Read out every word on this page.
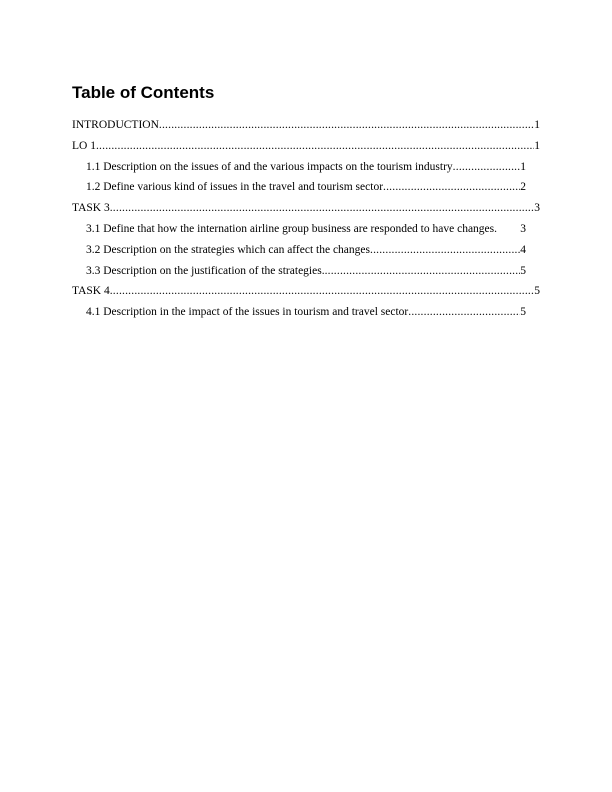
Table of Contents
INTRODUCTION .....	1
LO 1 .....	1
1.1 Description on the issues of and the various impacts on the tourism industry .....	1
1.2 Define various kind of issues in the travel and tourism sector .....	2
TASK 3 .....	3
3.1 Define that how the internation airline group business are responded to have changes. 3
3.2 Description on the strategies which can affect the changes .....	4
3.3 Description on the justification of the strategies. .....	5
TASK 4 .....	5
4.1 Description in the impact of the issues in tourism and travel sector .....	5
